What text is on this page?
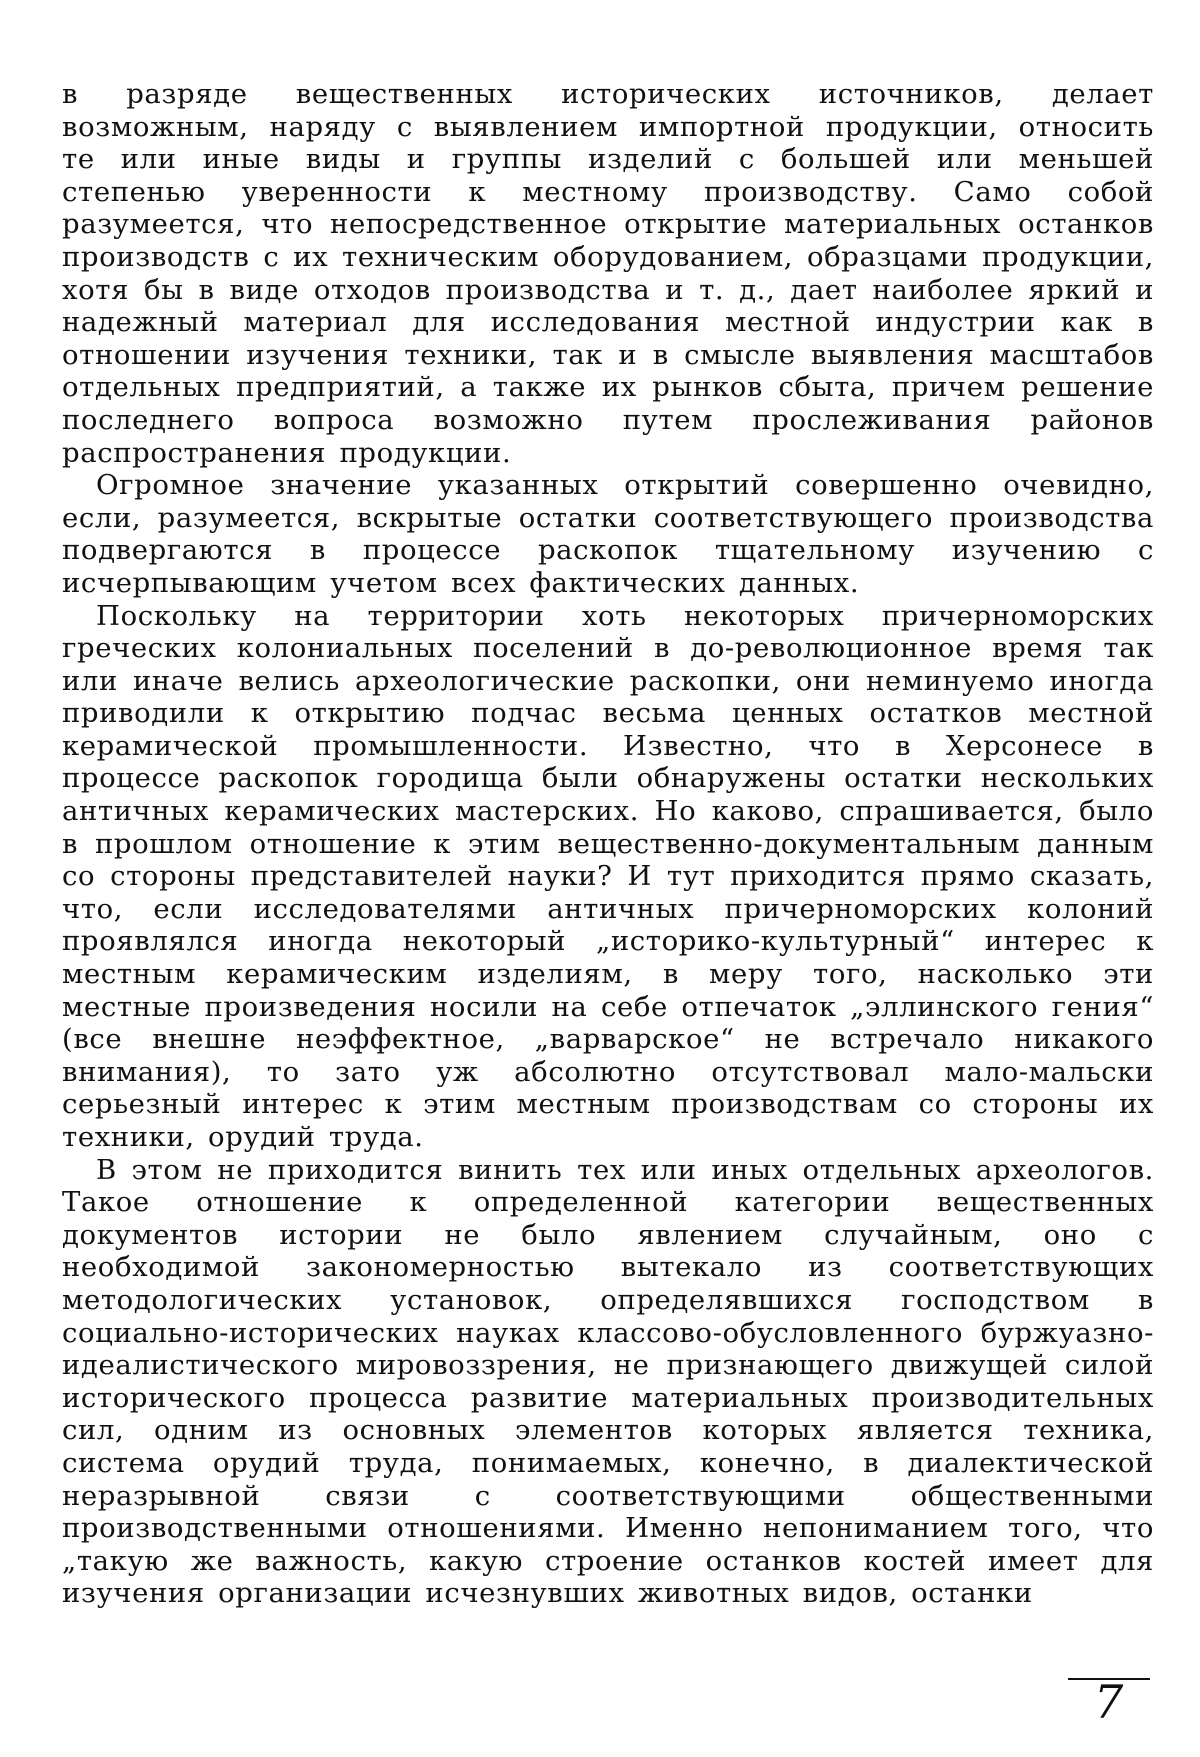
в разряде вещественных исторических источников, делает возможным, наряду с выявлением импортной продукции, относить те или иные виды и группы изделий с большей или меньшей степенью уверенности к местному производству. Само собой разумеется, что непосредственное открытие материальных останков производств с их техническим оборудованием, образцами продукции, хотя бы в виде отходов производства и т. д., дает наиболее яркий и надежный материал для исследования местной индустрии как в отношении изучения техники, так и в смысле выявления масштабов отдельных предприятий, а также их рынков сбыта, причем решение последнего вопроса возможно путем прослеживания районов распространения продукции.

Огромное значение указанных открытий совершенно очевидно, если, разумеется, вскрытые остатки соответствующего производства подвергаются в процессе раскопок тщательному изучению с исчерпывающим учетом всех фактических данных.

Поскольку на территории хоть некоторых причерноморских греческих колониальных поселений в до-революционное время так или иначе велись археологические раскопки, они неминуемо иногда приводили к открытию подчас весьма ценных остатков местной керамической промышленности. Известно, что в Херсонесе в процессе раскопок городища были обнаружены остатки нескольких античных керамических мастерских. Но каково, спрашивается, было в прошлом отношение к этим вещественно-документальным данным со стороны представителей науки? И тут приходится прямо сказать, что, если исследователями античных причерноморских колоний проявлялся иногда некоторый „историко-культурный“ интерес к местным керамическим изделиям, в меру того, насколько эти местные произведения носили на себе отпечаток „эллинского гения“ (все внешне неэффектное, „варварское“ не встречало никакого внимания), то зато уж абсолютно отсутствовал мало-мальски серьезный интерес к этим местным производствам со стороны их техники, орудий труда.

В этом не приходится винить тех или иных отдельных археологов. Такое отношение к определенной категории вещественных документов истории не было явлением случайным, оно с необходимой закономерностью вытекало из соответствующих методологических установок, определявшихся господством в социально-исторических науках классово-обусловленного буржуазно-идеалистического мировоззрения, не признающего движущей силой исторического процесса развитие материальных производительных сил, одним из основных элементов которых является техника, система орудий труда, понимаемых, конечно, в диалектической неразрывной связи с соответствующими общественными производственными отношениями. Именно непониманием того, что „такую же важность, какую строение останков костей имеет для изучения организации исчезнувших животных видов, останки

7
